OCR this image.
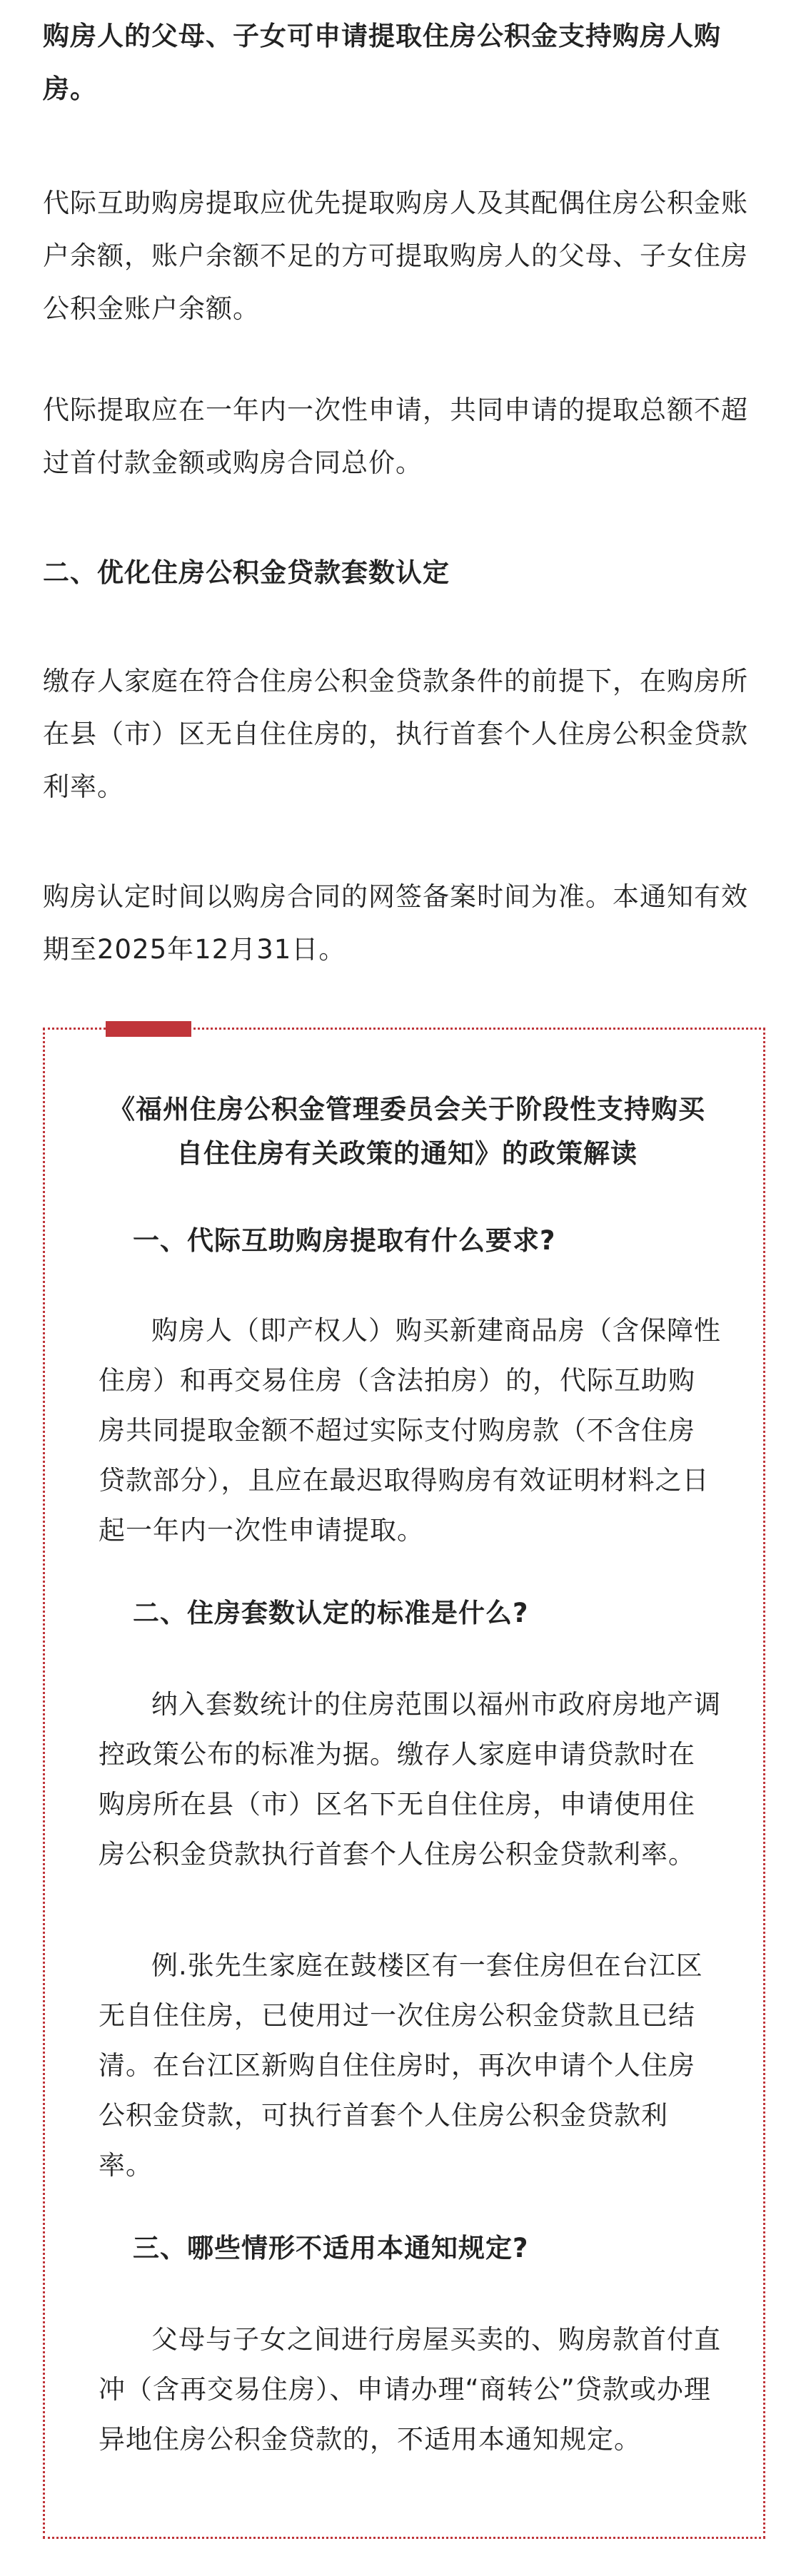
购房人的父母、子女可申请提取住房公积金支持购房人购房。

代际互助购房提取应优先提取购房人及其配偶住房公积金账户余额，账户余额不足的方可提取购房人的父母、子女住房公积金账户余额。

代际提取应在一年内一次性申请，共同申请的提取总额不超过首付款金额或购房合同总价。

二、优化住房公积金贷款套数认定

缴存人家庭在符合住房公积金贷款条件的前提下，在购房所在县（市）区无自住住房的，执行首套个人住房公积金贷款利率。

购房认定时间以购房合同的网签备案时间为准。本通知有效期至2025年12月31日。

《福州住房公积金管理委员会关于阶段性支持购买自住住房有关政策的通知》的政策解读

一、代际互助购房提取有什么要求?

购房人（即产权人）购买新建商品房（含保障性住房）和再交易住房（含法拍房）的，代际互助购房共同提取金额不超过实际支付购房款（不含住房贷款部分），且应在最迟取得购房有效证明材料之日起一年内一次性申请提取。

二、住房套数认定的标准是什么?

纳入套数统计的住房范围以福州市政府房地产调控政策公布的标准为据。缴存人家庭申请贷款时在购房所在县（市）区名下无自住住房，申请使用住房公积金贷款执行首套个人住房公积金贷款利率。

例.张先生家庭在鼓楼区有一套住房但在台江区无自住住房，已使用过一次住房公积金贷款且已结清。在台江区新购自住住房时，再次申请个人住房公积金贷款，可执行首套个人住房公积金贷款利率。

三、哪些情形不适用本通知规定?

父母与子女之间进行房屋买卖的、购房款首付直冲（含再交易住房）、申请办理“商转公”贷款或办理异地住房公积金贷款的，不适用本通知规定。
